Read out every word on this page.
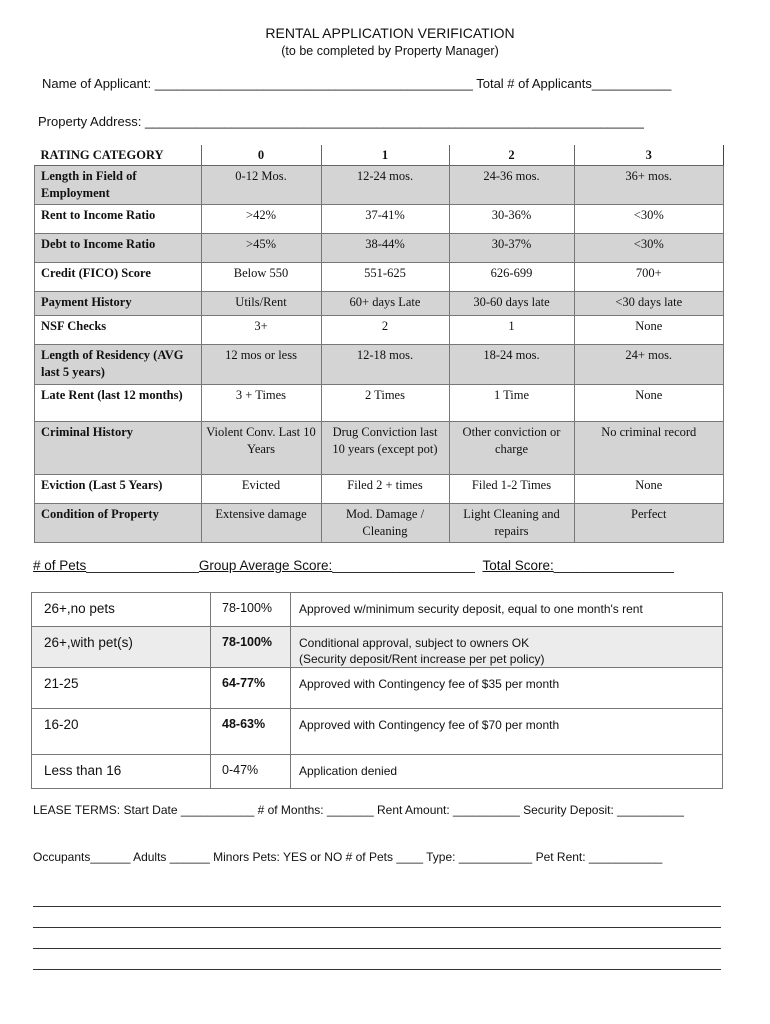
RENTAL APPLICATION VERIFICATION
(to be completed by Property Manager)
Name of Applicant: ____________________________________________ Total # of Applicants___________
Property Address: _____________________________________________________________________
RATING CATEGORY	0	1	2	3
Length in Field of Employment	0-12 Mos.	12-24 mos.	24-36 mos.	36+ mos.
Rent to Income Ratio	>42%	37-41%	30-36%	<30%
Debt to Income Ratio	>45%	38-44%	30-37%	<30%
Credit (FICO) Score	Below 550	551-625	626-699	700+
Payment History	Utils/Rent	60+ days Late	30-60 days late	<30 days late
NSF Checks	3+	2	1	None
Length of Residency (AVG last 5 years)	12 mos or less	12-18 mos.	18-24 mos.	24+ mos.
Late Rent (last 12 months)	3 + Times	2 Times	1 Time	None
Criminal History	Violent Conv. Last 10 Years	Drug Conviction last 10 years (except pot)	Other conviction or charge	No criminal record
Eviction (Last 5 Years)	Evicted	Filed 2 + times	Filed 1-2 Times	None
Condition of Property	Extensive damage	Mod. Damage / Cleaning	Light Cleaning and repairs	Perfect
# of Pets_______________Group Average Score:___________________ Total Score:________________
26+,no pets	78-100%	Approved w/minimum security deposit, equal to one month's rent

26+,with pet(s)	78-100%	Conditional approval, subject to owners OK
(Security deposit/Rent increase per pet policy)

21-25	64-77%	Approved with Contingency fee of $35 per month

16-20	48-63%	Approved with Contingency fee of $70 per month

Less than 16	0-47%	Application denied
LEASE TERMS: Start Date ___________ # of Months: _______ Rent Amount: __________ Security Deposit: __________
Occupants______ Adults ______ Minors Pets: YES or NO # of Pets ____ Type: ___________ Pet Rent: ___________
